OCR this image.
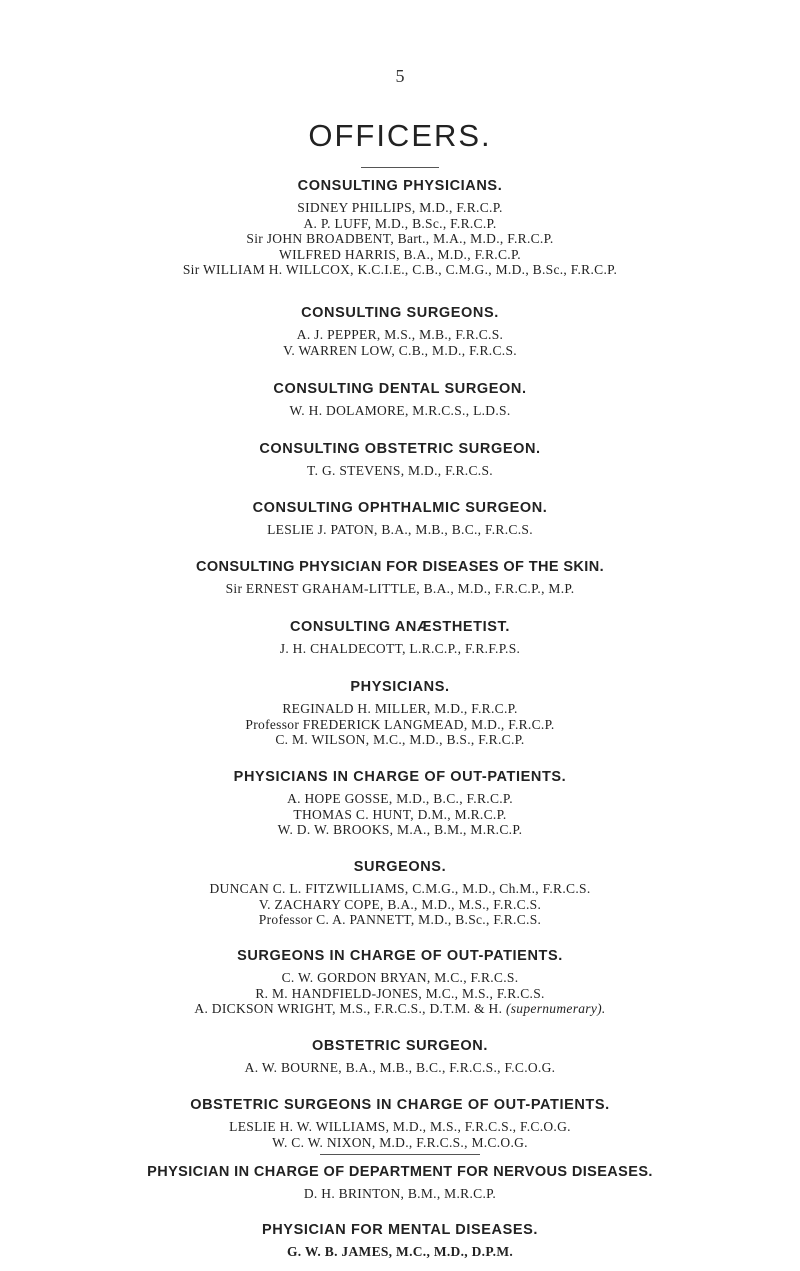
5
OFFICERS.
CONSULTING PHYSICIANS.
SIDNEY PHILLIPS, M.D., F.R.C.P.
A. P. LUFF, M.D., B.Sc., F.R.C.P.
Sir JOHN BROADBENT, Bart., M.A., M.D., F.R.C.P.
WILFRED HARRIS, B.A., M.D., F.R.C.P.
Sir WILLIAM H. WILLCOX, K.C.I.E., C.B., C.M.G., M.D., B.Sc., F.R.C.P.
CONSULTING SURGEONS.
A. J. PEPPER, M.S., M.B., F.R.C.S.
V. WARREN LOW, C.B., M.D., F.R.C.S.
CONSULTING DENTAL SURGEON.
W. H. DOLAMORE, M.R.C.S., L.D.S.
CONSULTING OBSTETRIC SURGEON.
T. G. STEVENS, M.D., F.R.C.S.
CONSULTING OPHTHALMIC SURGEON.
LESLIE J. PATON, B.A., M.B., B.C., F.R.C.S.
CONSULTING PHYSICIAN FOR DISEASES OF THE SKIN.
Sir ERNEST GRAHAM-LITTLE, B.A., M.D., F.R.C.P., M.P.
CONSULTING ANÆSTHETIST.
J. H. CHALDECOTT, L.R.C.P., F.R.F.P.S.
PHYSICIANS.
REGINALD H. MILLER, M.D., F.R.C.P.
Professor FREDERICK LANGMEAD, M.D., F.R.C.P.
C. M. WILSON, M.C., M.D., B.S., F.R.C.P.
PHYSICIANS IN CHARGE OF OUT-PATIENTS.
A. HOPE GOSSE, M.D., B.C., F.R.C.P.
THOMAS C. HUNT, D.M., M.R.C.P.
W. D. W. BROOKS, M.A., B.M., M.R.C.P.
SURGEONS.
DUNCAN C. L. FITZWILLIAMS, C.M.G., M.D., Ch.M., F.R.C.S.
V. ZACHARY COPE, B.A., M.D., M.S., F.R.C.S.
Professor C. A. PANNETT, M.D., B.Sc., F.R.C.S.
SURGEONS IN CHARGE OF OUT-PATIENTS.
C. W. GORDON BRYAN, M.C., F.R.C.S.
R. M. HANDFIELD-JONES, M.C., M.S., F.R.C.S.
A. DICKSON WRIGHT, M.S., F.R.C.S., D.T.M. & H. (supernumerary).
OBSTETRIC SURGEON.
A. W. BOURNE, B.A., M.B., B.C., F.R.C.S., F.C.O.G.
OBSTETRIC SURGEONS IN CHARGE OF OUT-PATIENTS.
LESLIE H. W. WILLIAMS, M.D., M.S., F.R.C.S., F.C.O.G.
W. C. W. NIXON, M.D., F.R.C.S., M.C.O.G.
PHYSICIAN IN CHARGE OF DEPARTMENT FOR NERVOUS DISEASES.
D. H. BRINTON, B.M., M.R.C.P.
PHYSICIAN FOR MENTAL DISEASES.
G. W. B. JAMES, M.C., M.D., D.P.M.
